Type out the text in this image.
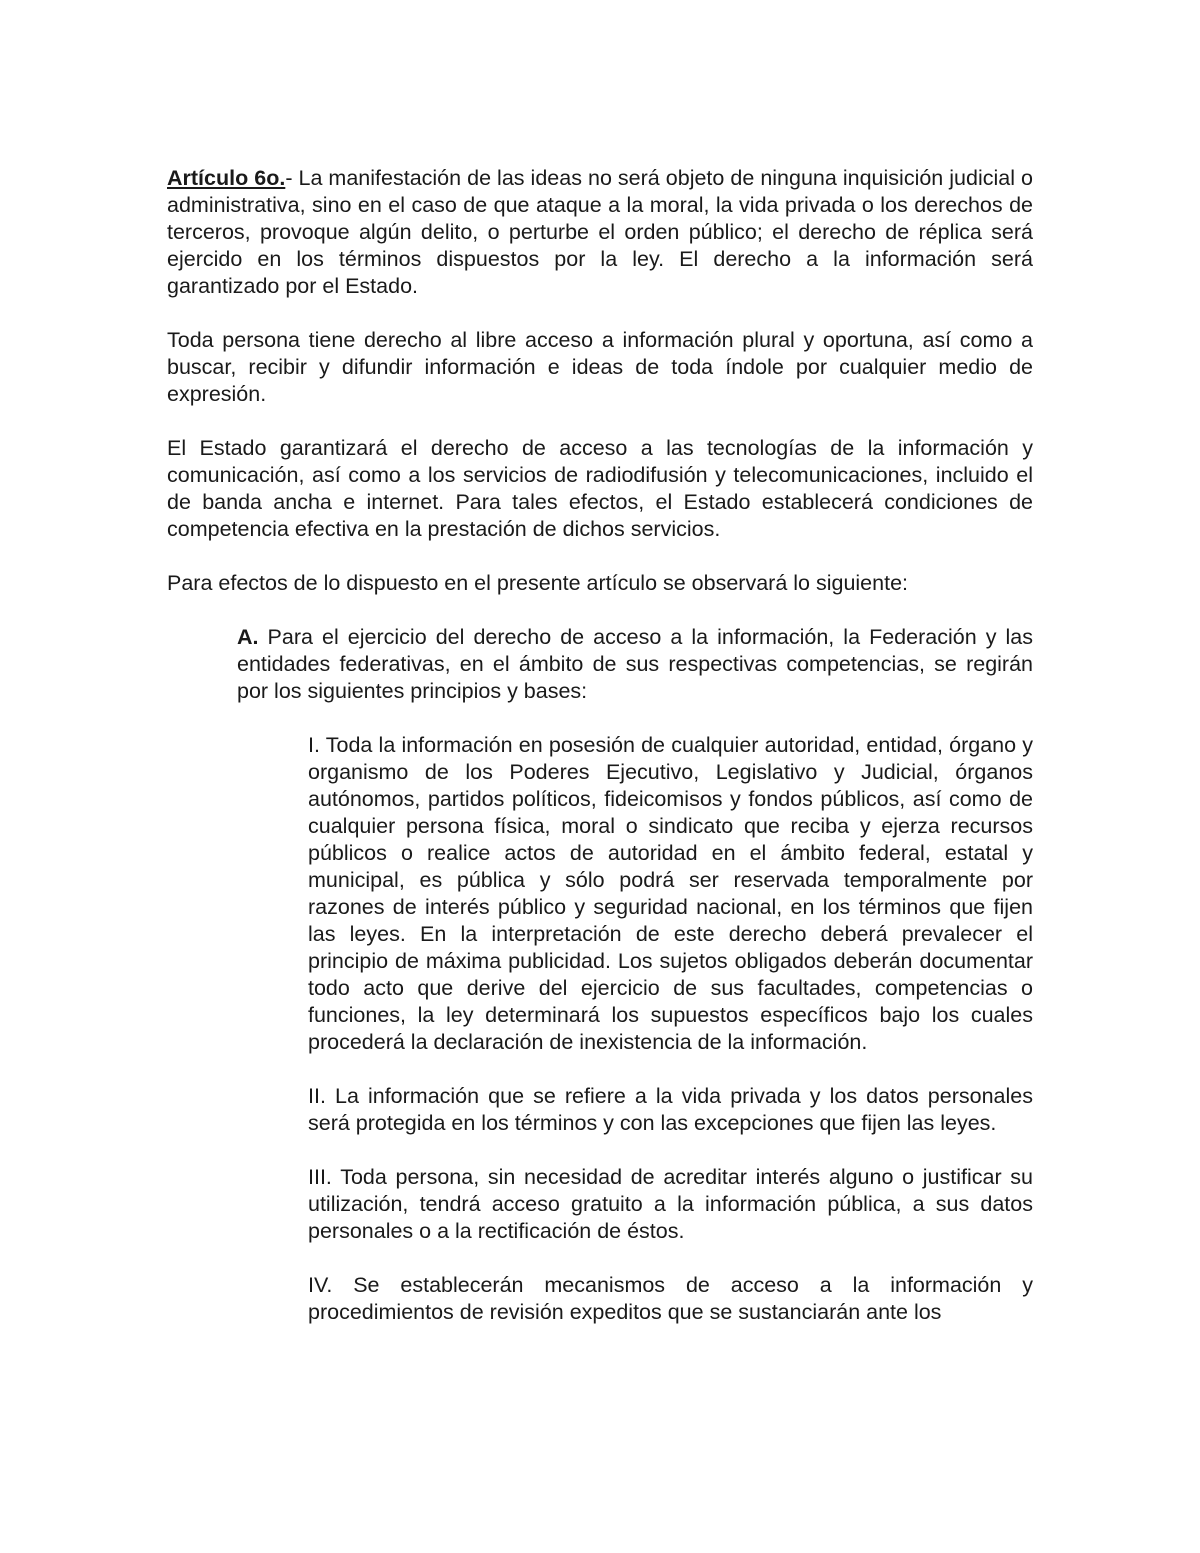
Artículo 6o.- La manifestación de las ideas no será objeto de ninguna inquisición judicial o administrativa, sino en el caso de que ataque a la moral, la vida privada o los derechos de terceros, provoque algún delito, o perturbe el orden público; el derecho de réplica será ejercido en los términos dispuestos por la ley. El derecho a la información será garantizado por el Estado.

Toda persona tiene derecho al libre acceso a información plural y oportuna, así como a buscar, recibir y difundir información e ideas de toda índole por cualquier medio de expresión.

El Estado garantizará el derecho de acceso a las tecnologías de la información y comunicación, así como a los servicios de radiodifusión y telecomunicaciones, incluido el de banda ancha e internet. Para tales efectos, el Estado establecerá condiciones de competencia efectiva en la prestación de dichos servicios.

Para efectos de lo dispuesto en el presente artículo se observará lo siguiente:

A. Para el ejercicio del derecho de acceso a la información, la Federación y las entidades federativas, en el ámbito de sus respectivas competencias, se regirán por los siguientes principios y bases:

I. Toda la información en posesión de cualquier autoridad, entidad, órgano y organismo de los Poderes Ejecutivo, Legislativo y Judicial, órganos autónomos, partidos políticos, fideicomisos y fondos públicos, así como de cualquier persona física, moral o sindicato que reciba y ejerza recursos públicos o realice actos de autoridad en el ámbito federal, estatal y municipal, es pública y sólo podrá ser reservada temporalmente por razones de interés público y seguridad nacional, en los términos que fijen las leyes. En la interpretación de este derecho deberá prevalecer el principio de máxima publicidad. Los sujetos obligados deberán documentar todo acto que derive del ejercicio de sus facultades, competencias o funciones, la ley determinará los supuestos específicos bajo los cuales procederá la declaración de inexistencia de la información.

II. La información que se refiere a la vida privada y los datos personales será protegida en los términos y con las excepciones que fijen las leyes.

III. Toda persona, sin necesidad de acreditar interés alguno o justificar su utilización, tendrá acceso gratuito a la información pública, a sus datos personales o a la rectificación de éstos.

IV. Se establecerán mecanismos de acceso a la información y procedimientos de revisión expeditos que se sustanciarán ante los
